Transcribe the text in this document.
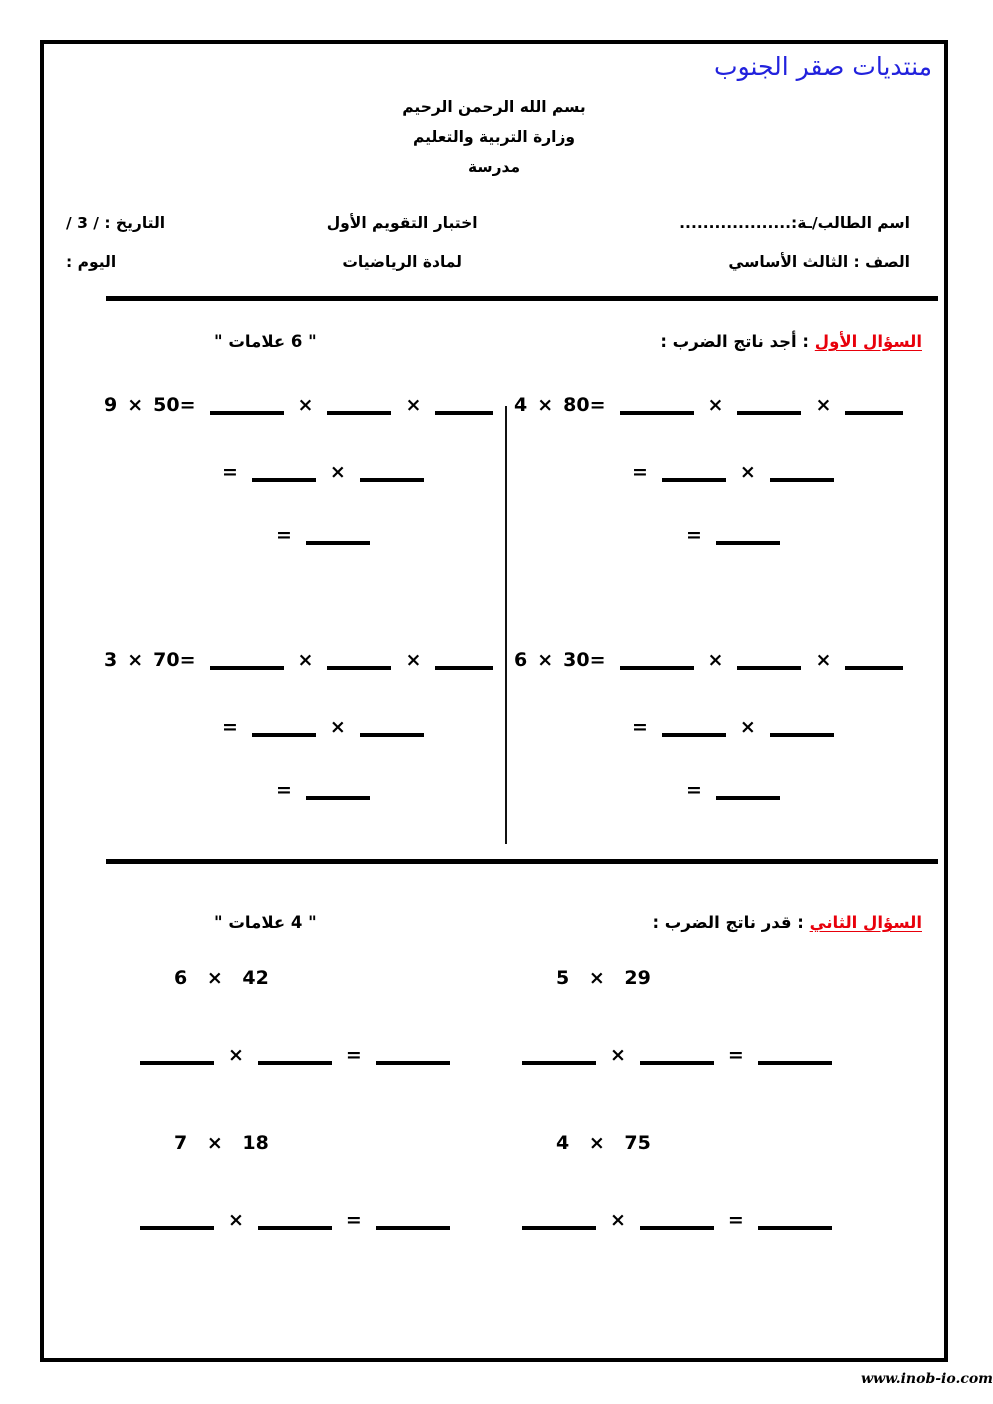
منتديات صقر الجنوب
بسم الله الرحمن الرحيم
وزارة التربية والتعليم
مدرسة
اسم الطالب/ـة:...................
الصف : الثالث الأساسي
اختبار التقويم الأول
لمادة الرياضيات
التاريخ : / 3 /
اليوم :
السؤال الأول : أجد ناتج الضرب :
" 6 علامات "
4 × 80 =	×	×
=	×
=
9 × 50 =	×	×
=	×
=
6 × 30 =	×	×
=	×
=
3 × 70 =	×	×
=	×
=
السؤال الثاني : قدر ناتج الضرب :
" 4 علامات "
5 × 29
×	=
6 × 42
×	=
4 × 75
×	=
7 × 18
×	=
www.inob-io.com
